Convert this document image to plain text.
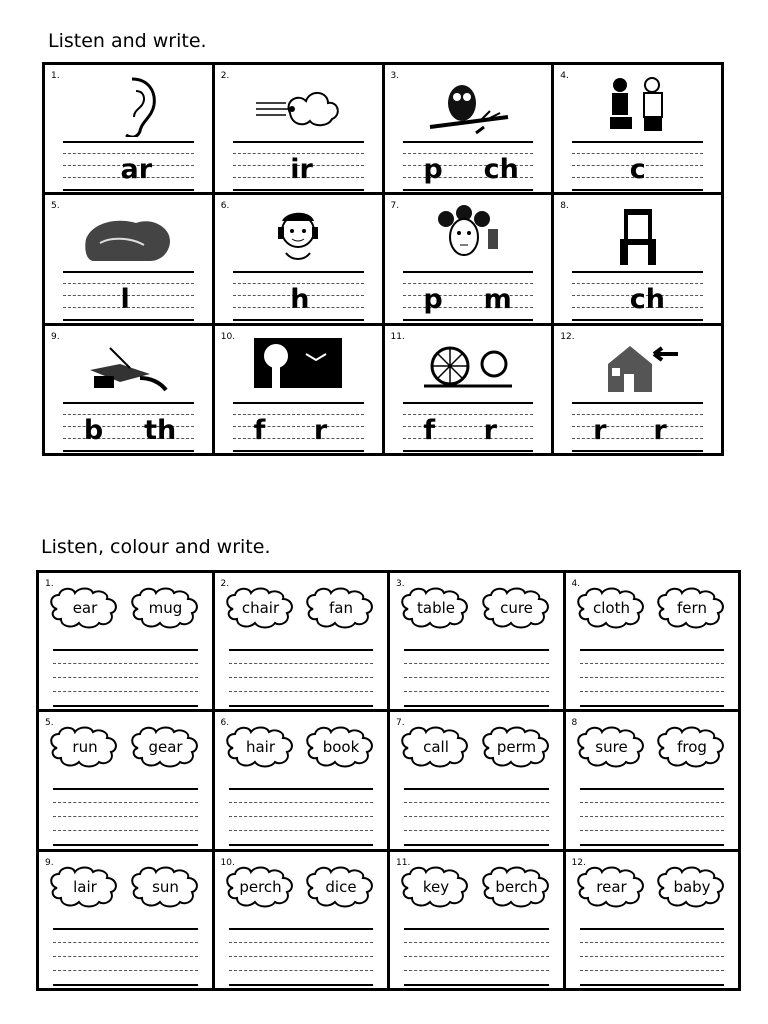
Listen and write.
1.
ar
2.
ir
3.
p ch
4.
c
5.
l
6.
h
7.
p m
8.
ch
9.
b th
10.
f r
11.
f r
12.
r r
Listen, colour and write.
1.
ear	mug
2.
chair	fan
3.
table	cure
4.
cloth	fern
5.
run	gear
6.
hair	book
7.
call	perm
8
sure	frog
9.
lair	sun
10.
perch	dice
11.
key	berch
12.
rear	baby
